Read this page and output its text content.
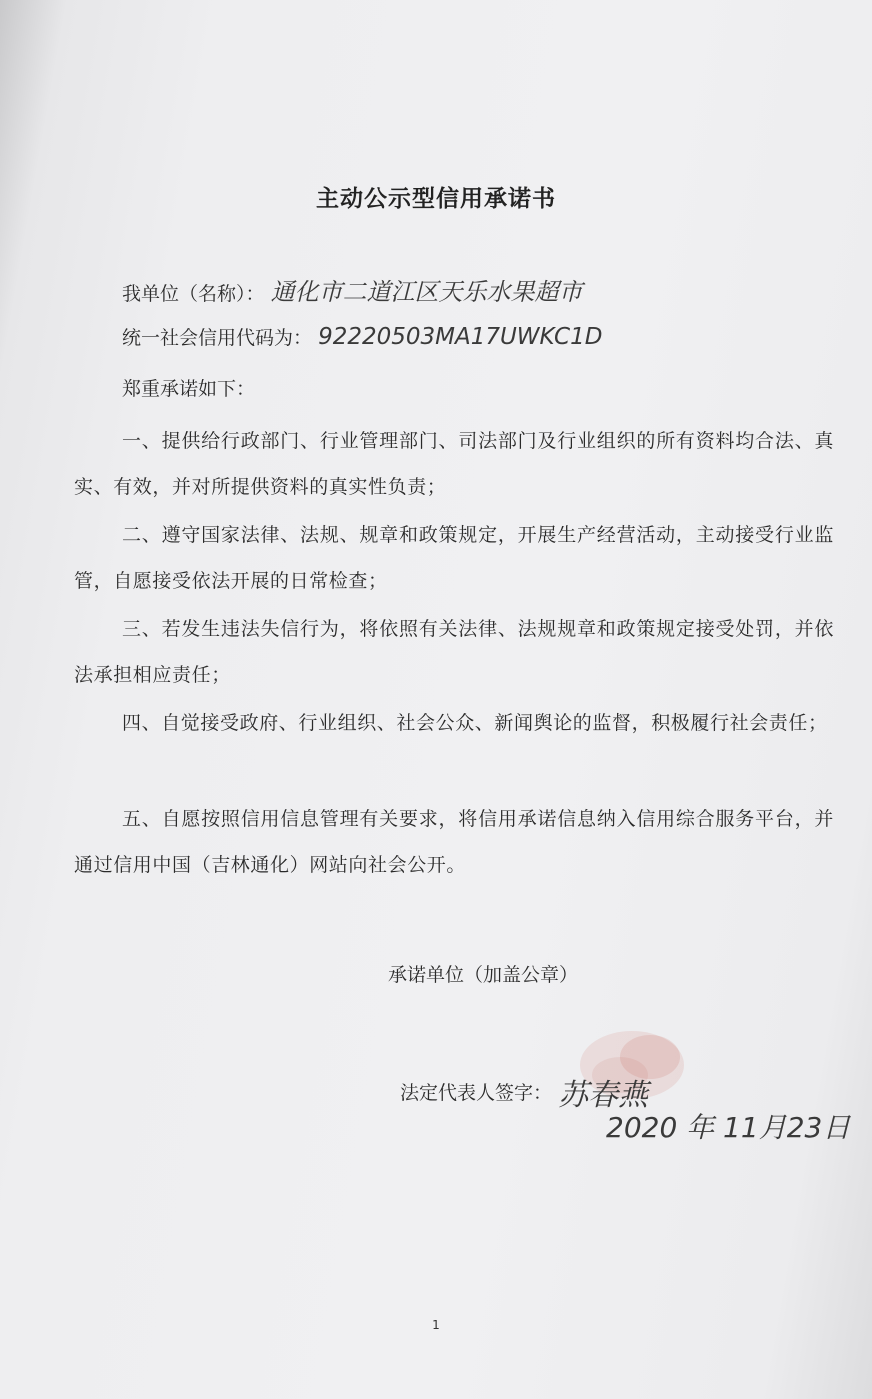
主动公示型信用承诺书
我单位（名称）： 通化市二道江区天乐水果超市
统一社会信用代码为： 92220503MA17UWKC1D
郑重承诺如下：
一、提供给行政部门、行业管理部门、司法部门及行业组织的所有资料均合法、真实、有效，并对所提供资料的真实性负责；
二、遵守国家法律、法规、规章和政策规定，开展生产经营活动，主动接受行业监管，自愿接受依法开展的日常检查；
三、若发生违法失信行为，将依照有关法律、法规规章和政策规定接受处罚，并依法承担相应责任；
四、自觉接受政府、行业组织、社会公众、新闻舆论的监督，积极履行社会责任；
五、自愿按照信用信息管理有关要求，将信用承诺信息纳入信用综合服务平台，并通过信用中国（吉林通化）网站向社会公开。
承诺单位（加盖公章）
法定代表人签字： 苏春燕
2020 年 11月23日
1
